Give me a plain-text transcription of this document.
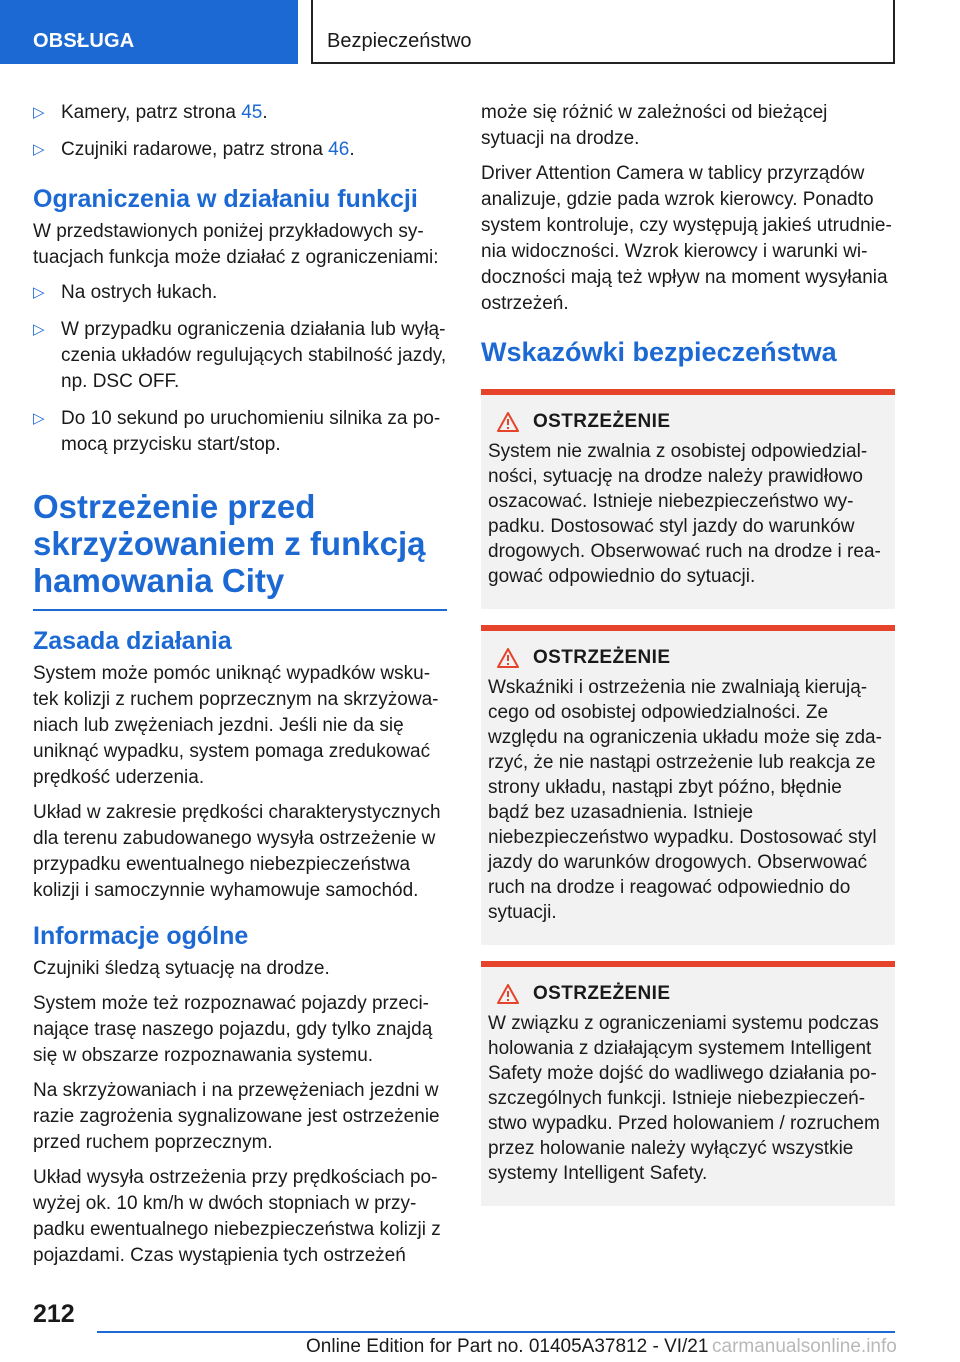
OBSŁUGA	Bezpieczeństwo
▷ Kamery, patrz strona 45.
▷ Czujniki radarowe, patrz strona 46.
Ograniczenia w działaniu funkcji

W przedstawionych poniżej przykładowych sytuacjach funkcja może działać z ograniczeniami:

▷ Na ostrych łukach.
▷ W przypadku ograniczenia działania lub wyłączenia układów regulujących stabilność jazdy, np. DSC OFF.
▷ Do 10 sekund po uruchomieniu silnika za pomocą przycisku start/stop.
Ostrzeżenie przed skrzyżowaniem z funkcją hamowania City
Zasada działania

System może pomóc uniknąć wypadków wskutek kolizji z ruchem poprzecznym na skrzyżowaniach lub zwężeniach jezdni. Jeśli nie da się uniknąć wypadku, system pomaga zredukować prędkość uderzenia.

Układ w zakresie prędkości charakterystycznych dla terenu zabudowanego wysyła ostrzeżenie w przypadku ewentualnego niebezpieczeństwa kolizji i samoczynnie wyhamowuje samochód.

Informacje ogólne

Czujniki śledzą sytuację na drodze.

System może też rozpoznawać pojazdy przecinające trasę naszego pojazdu, gdy tylko znajdą się w obszarze rozpoznawania systemu.

Na skrzyżowaniach i na przewężeniach jezdni w razie zagrożenia sygnalizowane jest ostrzeżenie przed ruchem poprzecznym.

Układ wysyła ostrzeżenia przy prędkościach powyżej ok. 10 km/h w dwóch stopniach w przypadku ewentualnego niebezpieczeństwa kolizji z pojazdami. Czas wystąpienia tych ostrzeżeń

może się różnić w zależności od bieżącej sytuacji na drodze.

Driver Attention Camera w tablicy przyrządów analizuje, gdzie pada wzrok kierowcy. Ponadto system kontroluje, czy występują jakieś utrudnienia widoczności. Wzrok kierowcy i warunki widoczności mają też wpływ na moment wysyłania ostrzeżeń.

Wskazówki bezpieczeństwa
OSTRZEŻENIE

System nie zwalnia z osobistej odpowiedzialności, sytuację na drodze należy prawidłowo oszacować. Istnieje niebezpieczeństwo wypadku. Dostosować styl jazdy do warunków drogowych. Obserwować ruch na drodze i reagować odpowiednio do sytuacji.

OSTRZEŻENIE

Wskaźniki i ostrzeżenia nie zwalniają kierującego od osobistej odpowiedzialności. Ze względu na ograniczenia układu może się zdarzyć, że nie nastąpi ostrzeżenie lub reakcja ze strony układu, nastąpi zbyt późno, błędnie bądź bez uzasadnienia. Istnieje niebezpieczeństwo wypadku. Dostosować styl jazdy do warunków drogowych. Obserwować ruch na drodze i reagować odpowiednio do sytuacji.

OSTRZEŻENIE

W związku z ograniczeniami systemu podczas holowania z działającym systemem Intelligent Safety może dojść do wadliwego działania poszczególnych funkcji. Istnieje niebezpieczeństwo wypadku. Przed holowaniem / rozruchem przez holowanie należy wyłączyć wszystkie systemy Intelligent Safety.

212
Online Edition for Part no. 01405A37812 - VI/21 carmanualsonline.info
